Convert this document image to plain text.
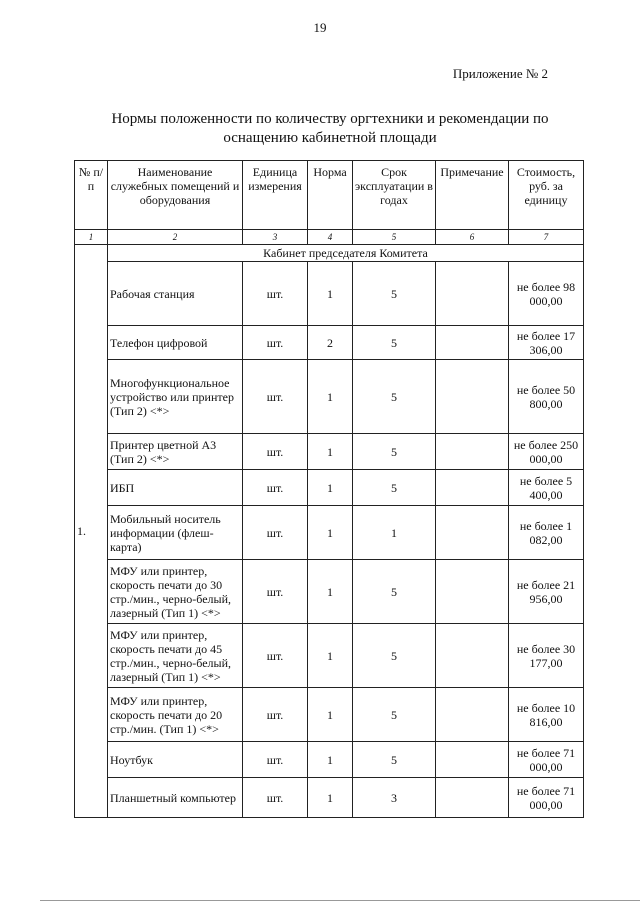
19
Приложение № 2
Нормы положенности по количеству оргтехники и рекомендации по
оснащению кабинетной площади
№ п/п	Наименование служебных помещений и оборудования	Единица измерения	Норма	Срок эксплуатации в годах	Примечание	Стоимость, руб. за единицу
1	2	3	4	5	6	7
1.	Кабинет председателя Комитета					
	Рабочая станция	шт.	1	5		не более 98 000,00
	Телефон цифровой	шт.	2	5		не более 17 306,00
	Многофункциональное устройство или принтер (Тип 2) <*>	шт.	1	5		не более 50 800,00
	Принтер цветной А3 (Тип 2) <*>	шт.	1	5		не более 250 000,00
	ИБП	шт.	1	5		не более 5 400,00
	Мобильный носитель информации (флеш-карта)	шт.	1	1		не более 1 082,00
	МФУ или принтер, скорость печати до 30 стр./мин., черно-белый, лазерный (Тип 1) <*>	шт.	1	5		не более 21 956,00
	МФУ или принтер, скорость печати до 45 стр./мин., черно-белый, лазерный (Тип 1) <*>	шт.	1	5		не более 30 177,00
	МФУ или принтер, скорость печати до 20 стр./мин. (Тип 1) <*>	шт.	1	5		не более 10 816,00
	Ноутбук	шт.	1	5		не более 71 000,00
	Планшетный компьютер	шт.	1	3		не более 71 000,00
